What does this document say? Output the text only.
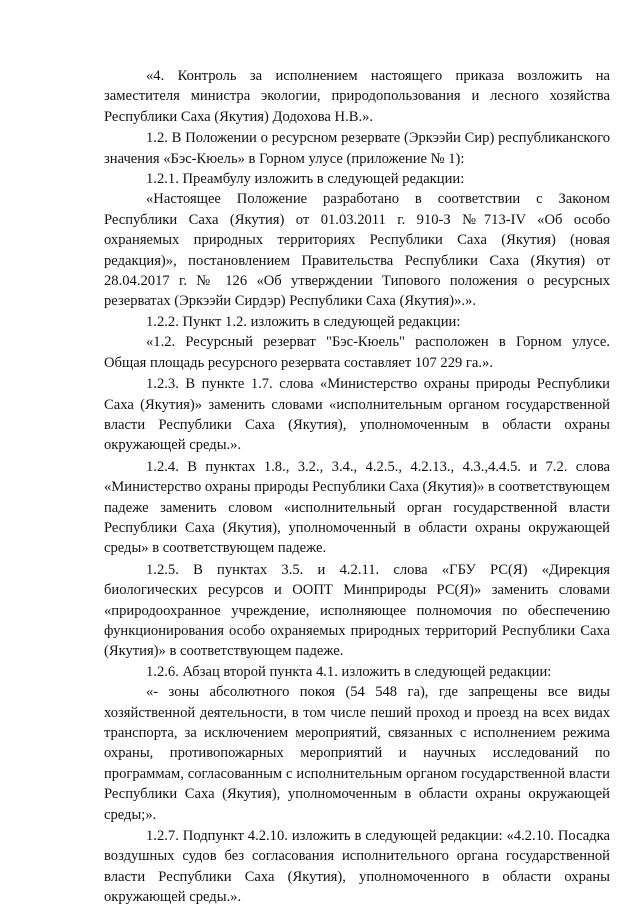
«4. Контроль за исполнением настоящего приказа возложить на заместителя министра экологии, природопользования и лесного хозяйства Республики Саха (Якутия) Додохова Н.В.».

1.2. В Положении о ресурсном резервате (Эркээйи Сир) республиканского значения «Бэс-Кюель» в Горном улусе (приложение № 1):

1.2.1. Преамбулу изложить в следующей редакции:

«Настоящее Положение разработано в соответствии с Законом Республики Саха (Якутия) от 01.03.2011 г. 910-З №713-IV «Об особо охраняемых природных территориях Республики Саха (Якутия) (новая редакция)», постановлением Правительства Республики Саха (Якутия) от 28.04.2017 г. № 126 «Об утверждении Типового положения о ресурсных резерватах (Эркээйи Сирдэр) Республики Саха (Якутия)».».

1.2.2. Пункт 1.2. изложить в следующей редакции:

«1.2. Ресурсный резерват "Бэс-Кюель" расположен в Горном улусе. Общая площадь ресурсного резервата составляет 107 229 га.».

1.2.3. В пункте 1.7. слова «Министерство охраны природы Республики Саха (Якутия)» заменить словами «исполнительным органом государственной власти Республики Саха (Якутия), уполномоченным в области охраны окружающей среды.».

1.2.4. В пунктах 1.8., 3.2., 3.4., 4.2.5., 4.2.13., 4.3.,4.4.5. и 7.2. слова «Министерство охраны природы Республики Саха (Якутия)» в соответствующем падеже заменить словом «исполнительный орган государственной власти Республики Саха (Якутия), уполномоченный в области охраны окружающей среды» в соответствующем падеже.

1.2.5. В пунктах 3.5. и 4.2.11. слова «ГБУ РС(Я) «Дирекция биологических ресурсов и ООПТ Минприроды РС(Я)» заменить словами «природоохранное учреждение, исполняющее полномочия по обеспечению функционирования особо охраняемых природных территорий Республики Саха (Якутия)» в соответствующем падеже.

1.2.6. Абзац второй пункта 4.1. изложить в следующей редакции:

«- зоны абсолютного покоя (54 548 га), где запрещены все виды хозяйственной деятельности, в том числе пеший проход и проезд на всех видах транспорта, за исключением мероприятий, связанных с исполнением режима охраны, противопожарных мероприятий и научных исследований по программам, согласованным с исполнительным органом государственной власти Республики Саха (Якутия), уполномоченным в области охраны окружающей среды;».

1.2.7. Подпункт 4.2.10. изложить в следующей редакции: «4.2.10. Посадка воздушных судов без согласования исполнительного органа государственной власти Республики Саха (Якутия), уполномоченного в области охраны окружающей среды.».
